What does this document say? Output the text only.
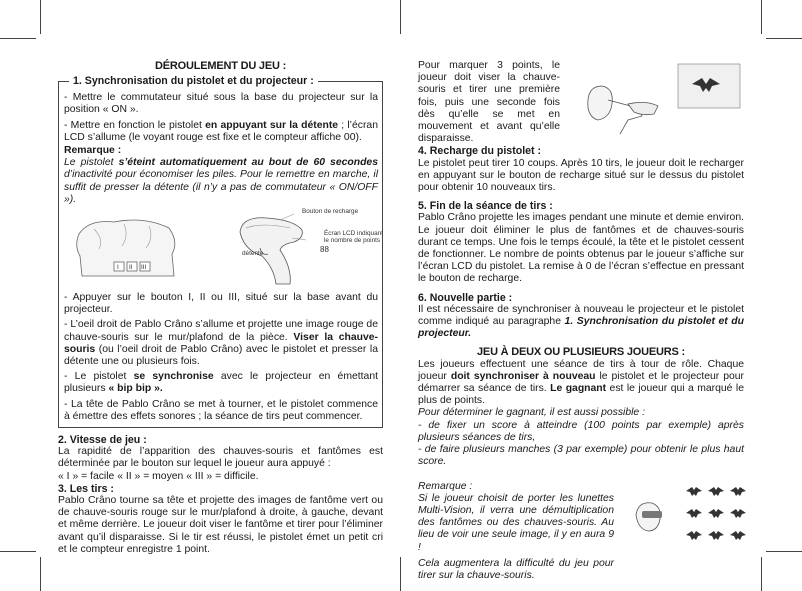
DÉROULEMENT DU JEU :
1. Synchronisation du pistolet et du projecteur :

- Mettre le commutateur situé sous la base du projecteur sur la position « ON ».

- Mettre en fonction le pistolet en appuyant sur la détente ; l’écran LCD s’allume (le voyant rouge est fixe et le compteur affiche 00).

Remarque :

Le pistolet s’éteint automatiquement au bout de 60 secondes d’inactivité pour économiser les piles. Pour le remettre en marche, il suffit de presser la détente (il n’y a pas de commutateur « ON/OFF »).

I II III
Bouton de recharge
Écran LCD indiquant le nombre de points
88
détente

- Appuyer sur le bouton I, II ou III, situé sur la base avant du projecteur.

- L’oeil droit de Pablo Crâno s’allume et projette une image rouge de chauve-souris sur le mur/plafond de la pièce. Viser la chauve-souris (ou l’oeil droit de Pablo Crâno) avec le pistolet et presser la détente une ou plusieurs fois.

- Le pistolet se synchronise avec le projecteur en émettant plusieurs « bip bip ».

- La tête de Pablo Crâno se met à tourner, et le pistolet commence à émettre des effets sonores ; la séance de tirs peut commencer.

2. Vitesse de jeu :

La rapidité de l’apparition des chauves-souris et fantômes est déterminée par le bouton sur lequel le joueur aura appuyé :

« I » = facile « II » = moyen « III » = difficile.

3. Les tirs :

Pablo Crâno tourne sa tête et projette des images de fantôme vert ou de chauve-souris rouge sur le mur/plafond à droite, à gauche, devant et même derrière. Le joueur doit viser le fantôme et tirer pour l’éliminer avant qu’il disparaisse. Si le tir est réussi, le pistolet émet un petit cri et le compteur enregistre 1 point.

Pour marquer 3 points, le joueur doit viser la chauve-souris et tirer une première fois, puis une seconde fois dès qu’elle se met en mouvement et avant qu’elle disparaisse.

4. Recharge du pistolet :

Le pistolet peut tirer 10 coups. Après 10 tirs, le joueur doit le recharger en appuyant sur le bouton de recharge situé sur le dessus du pistolet pour obtenir 10 nouveaux tirs.

5. Fin de la séance de tirs :

Pablo Crâno projette les images pendant une minute et demie environ. Le joueur doit éliminer le plus de fantômes et de chauves-souris durant ce temps. Une fois le temps écoulé, la tête et le pistolet cessent de fonctionner. Le nombre de points obtenus par le joueur s’affiche sur l’écran LCD du pistolet. La remise à 0 de l’écran s’effectue en pressant le bouton de recharge.

6. Nouvelle partie :

Il est nécessaire de synchroniser à nouveau le projecteur et le pistolet comme indiqué au paragraphe 1. Synchronisation du pistolet et du projecteur.

JEU À DEUX OU PLUSIEURS JOUEURS :

Les joueurs effectuent une séance de tirs à tour de rôle. Chaque joueur doit synchroniser à nouveau le pistolet et le projecteur pour démarrer sa séance de tirs. Le gagnant est le joueur qui a marqué le plus de points.

Pour déterminer le gagnant, il est aussi possible :

- de fixer un score à atteindre (100 points par exemple) après plusieurs séances de tirs,

- de faire plusieurs manches (3 par exemple) pour obtenir le plus haut score.

Remarque :

Si le joueur choisit de porter les lunettes Multi-Vision, il verra une démultiplication des fantômes ou des chauves-souris. Au lieu de voir une seule image, il y en aura 9 !

Cela augmentera la difficulté du jeu pour tirer sur la chauve-souris.
